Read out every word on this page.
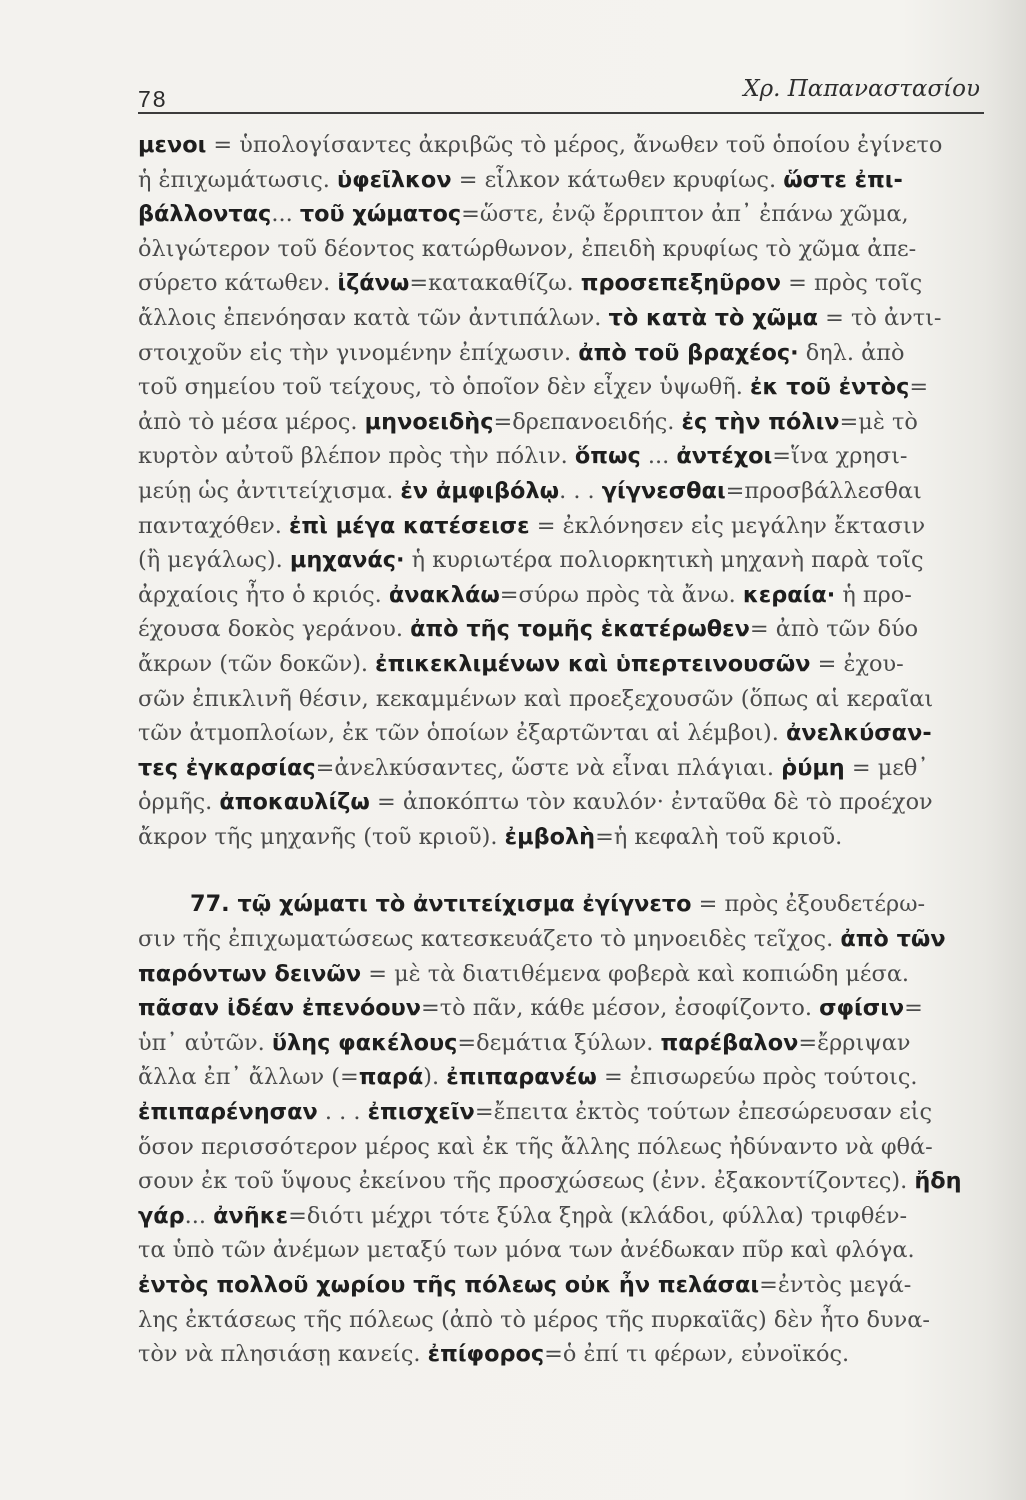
78	Χρ. Παπαναστασίου
μενοι = ὑπολογίσαντες ἀκριβῶς τὸ μέρος, ἄνωθεν τοῦ ὁποίου ἐγίνετο
ἡ ἐπιχωμάτωσις. ὑφεῖλκον = εἷλκον κάτωθεν κρυφίως. ὥστε ἐπι-
βάλλοντας... τοῦ χώματος=ὥστε, ἐνῷ ἔρριπτον ἀπ᾿ ἐπάνω χῶμα,
ὀλιγώτερον τοῦ δέοντος κατώρθωνον, ἐπειδὴ κρυφίως τὸ χῶμα ἀπε-
σύρετο κάτωθεν. ἰζάνω=κατακαθίζω. προσεπεξηῦρον = πρὸς τοῖς
ἄλλοις ἐπενόησαν κατὰ τῶν ἀντιπάλων. τὸ κατὰ τὸ χῶμα = τὸ ἀντι-
στοιχοῦν εἰς τὴν γινομένην ἐπίχωσιν. ἀπὸ τοῦ βραχέος· δηλ. ἀπὸ
τοῦ σημείου τοῦ τείχους, τὸ ὁποῖον δὲν εἶχεν ὑψωθῆ. ἐκ τοῦ ἐντὸς=
ἀπὸ τὸ μέσα μέρος. μηνοειδὴς=δρεπανοειδής. ἐς τὴν πόλιν=μὲ τὸ
κυρτὸν αὐτοῦ βλέπον πρὸς τὴν πόλιν. ὅπως ... ἀντέχοι=ἵνα χρησι-
μεύῃ ὡς ἀντιτείχισμα. ἐν ἀμφιβόλῳ. . . γίγνεσθαι=προσβάλλεσθαι
πανταχόθεν. ἐπὶ μέγα κατέσεισε = ἐκλόνησεν εἰς μεγάλην ἔκτασιν
(ἢ μεγάλως). μηχανάς· ἡ κυριωτέρα πολιορκητικὴ μηχανὴ παρὰ τοῖς
ἀρχαίοις ἦτο ὁ κριός. ἀνακλάω=σύρω πρὸς τὰ ἄνω. κεραία· ἡ προ-
έχουσα δοκὸς γεράνου. ἀπὸ τῆς τομῆς ἑκατέρωθεν= ἀπὸ τῶν δύο
ἄκρων (τῶν δοκῶν). ἐπικεκλιμένων καὶ ὑπερτεινουσῶν = ἐχου-
σῶν ἐπικλινῆ θέσιν, κεκαμμένων καὶ προεξεχουσῶν (ὅπως αἱ κεραῖαι
τῶν ἀτμοπλοίων, ἐκ τῶν ὁποίων ἐξαρτῶνται αἱ λέμβοι). ἀνελκύσαν-
τες ἐγκαρσίας=ἀνελκύσαντες, ὥστε νὰ εἶναι πλάγιαι. ῥύμη = μεθ᾿
ὁρμῆς. ἀποκαυλίζω = ἀποκόπτω τὸν καυλόν· ἐνταῦθα δὲ τὸ προέχον
ἄκρον τῆς μηχανῆς (τοῦ κριοῦ). ἐμβολὴ=ἡ κεφαλὴ τοῦ κριοῦ.
77. τῷ χώματι τὸ ἀντιτείχισμα ἐγίγνετο = πρὸς ἐξουδετέρω-
σιν τῆς ἐπιχωματώσεως κατεσκευάζετο τὸ μηνοειδὲς τεῖχος. ἀπὸ τῶν
παρόντων δεινῶν = μὲ τὰ διατιθέμενα φοβερὰ καὶ κοπιώδη μέσα.
πᾶσαν ἰδέαν ἐπενόουν=τὸ πᾶν, κάθε μέσον, ἐσοφίζοντο. σφίσιν=
ὑπ᾿ αὐτῶν. ὕλης φακέλους=δεμάτια ξύλων. παρέβαλον=ἔρριψαν
ἄλλα ἐπ᾿ ἄλλων (=παρά). ἐπιπαρανέω = ἐπισωρεύω πρὸς τούτοις.
ἐπιπαρένησαν . . . ἐπισχεῖν=ἔπειτα ἐκτὸς τούτων ἐπεσώρευσαν εἰς
ὅσον περισσότερον μέρος καὶ ἐκ τῆς ἄλλης πόλεως ἠδύναντο νὰ φθά-
σουν ἐκ τοῦ ὕψους ἐκείνου τῆς προσχώσεως (ἐνν. ἐξακοντίζοντες). ἤδη
γάρ... ἀνῆκε=διότι μέχρι τότε ξύλα ξηρὰ (κλάδοι, φύλλα) τριφθέν-
τα ὑπὸ τῶν ἀνέμων μεταξύ των μόνα των ἀνέδωκαν πῦρ καὶ φλόγα.
ἐντὸς πολλοῦ χωρίου τῆς πόλεως οὐκ ἦν πελάσαι=ἐντὸς μεγά-
λης ἐκτάσεως τῆς πόλεως (ἀπὸ τὸ μέρος τῆς πυρκαϊᾶς) δὲν ἦτο δυνα-
τὸν νὰ πλησιάσῃ κανείς. ἐπίφορος=ὁ ἐπί τι φέρων, εὐνοϊκός.
